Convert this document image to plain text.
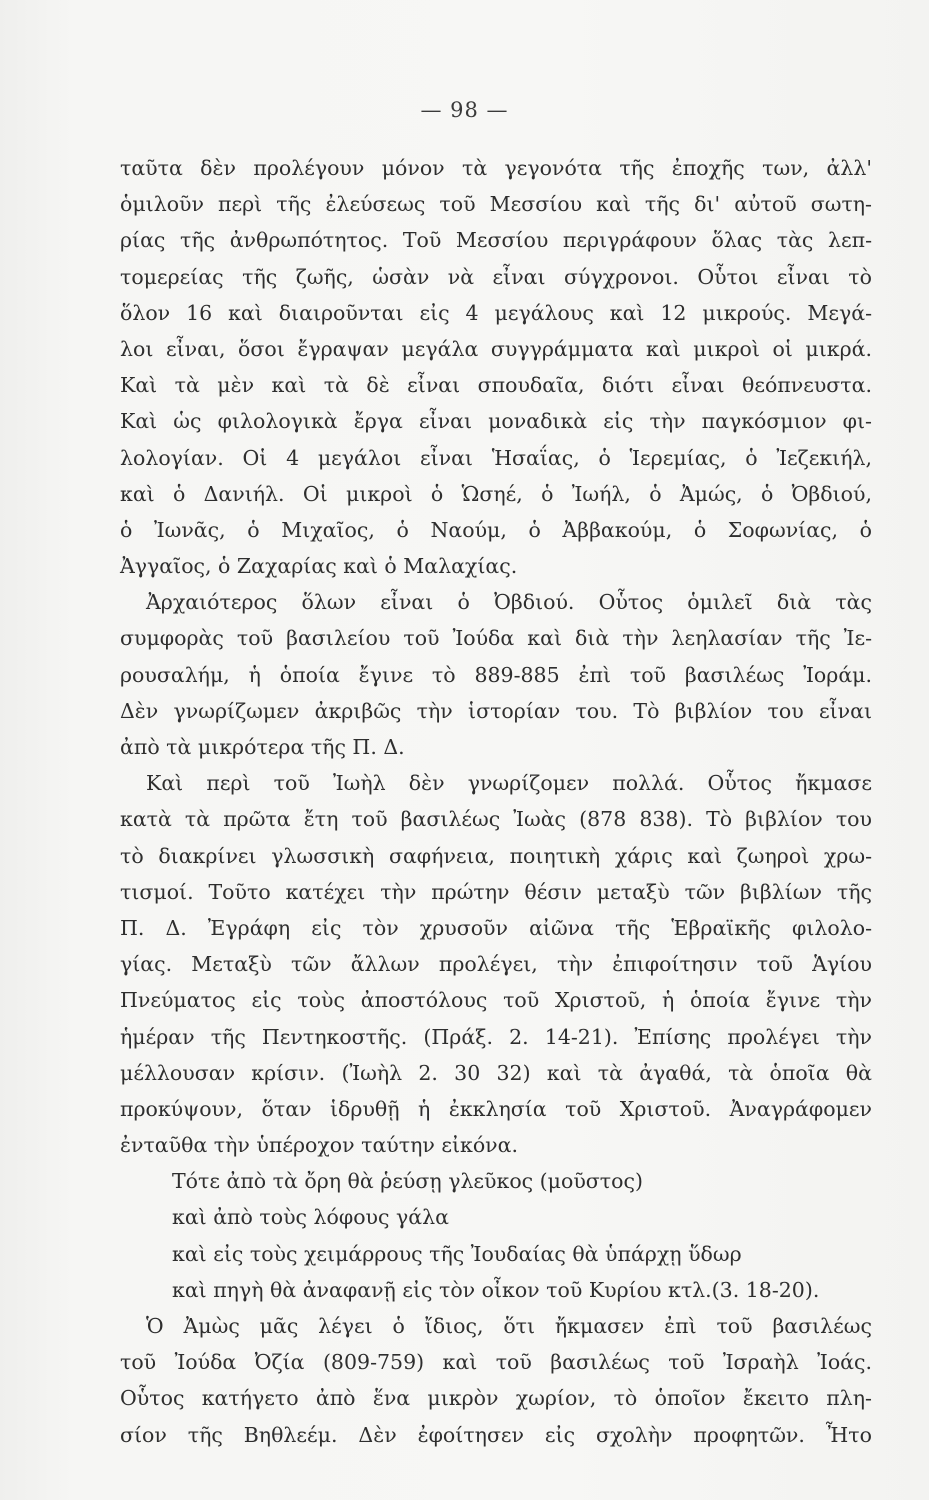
— 98 —
ταῦτα δὲν προλέγουν μόνον τὰ γεγονότα τῆς ἐποχῆς των, ἀλλ'
ὁμιλοῦν περὶ τῆς ἐλεύσεως τοῦ Μεσσίου καὶ τῆς δι' αὐτοῦ σωτη-
ρίας τῆς ἀνθρωπότητος. Τοῦ Μεσσίου περιγράφουν ὅλας τὰς λεπ-
τομερείας τῆς ζωῆς, ὡσὰν νὰ εἶναι σύγχρονοι. Οὗτοι εἶναι τὸ
ὅλον 16 καὶ διαιροῦνται εἰς 4 μεγάλους καὶ 12 μικρούς. Μεγά-
λοι εἶναι, ὅσοι ἔγραψαν μεγάλα συγγράμματα καὶ μικροὶ οἱ μικρά.
Καὶ τὰ μὲν καὶ τὰ δὲ εἶναι σπουδαῖα, διότι εἶναι θεόπνευστα.
Καὶ ὡς φιλολογικὰ ἔργα εἶναι μοναδικὰ εἰς τὴν παγκόσμιον φι-
λολογίαν. Οἱ 4 μεγάλοι εἶναι Ἡσαΐας, ὁ Ἱερεμίας, ὁ Ἰεζεκιήλ,
καὶ ὁ Δανιήλ. Οἱ μικροὶ ὁ Ὡσηέ, ὁ Ἰωήλ, ὁ Ἀμώς, ὁ Ὀβδιού,
ὁ Ἰωνᾶς, ὁ Μιχαῖος, ὁ Ναούμ, ὁ Ἀββακούμ, ὁ Σοφωνίας, ὁ
Ἀγγαῖος, ὁ Ζαχαρίας καὶ ὁ Μαλαχίας.
Ἀρχαιότερος ὅλων εἶναι ὁ Ὀβδιού. Οὗτος ὁμιλεῖ διὰ τὰς
συμφορὰς τοῦ βασιλείου τοῦ Ἰούδα καὶ διὰ τὴν λεηλασίαν τῆς Ἰε-
ρουσαλήμ, ἡ ὁποία ἔγινε τὸ 889-885 ἐπὶ τοῦ βασιλέως Ἰοράμ.
Δὲν γνωρίζωμεν ἀκριβῶς τὴν ἱστορίαν του. Τὸ βιβλίον του εἶναι
ἀπὸ τὰ μικρότερα τῆς Π. Δ.
Καὶ περὶ τοῦ Ἰωὴλ δὲν γνωρίζομεν πολλά. Οὗτος ἤκμασε
κατὰ τὰ πρῶτα ἔτη τοῦ βασιλέως Ἰωὰς (878 838). Τὸ βιβλίον του
τὸ διακρίνει γλωσσικὴ σαφήνεια, ποιητικὴ χάρις καὶ ζωηροὶ χρω-
τισμοί. Τοῦτο κατέχει τὴν πρώτην θέσιν μεταξὺ τῶν βιβλίων τῆς
Π. Δ. Ἐγράφη εἰς τὸν χρυσοῦν αἰῶνα τῆς Ἑβραϊκῆς φιλολο-
γίας. Μεταξὺ τῶν ἄλλων προλέγει, τὴν ἐπιφοίτησιν τοῦ Ἁγίου
Πνεύματος εἰς τοὺς ἀποστόλους τοῦ Χριστοῦ, ἡ ὁποία ἔγινε τὴν
ἡμέραν τῆς Πεντηκοστῆς. (Πράξ. 2. 14-21). Ἐπίσης προλέγει τὴν
μέλλουσαν κρίσιν. (Ἰωὴλ 2. 30 32) καὶ τὰ ἀγαθά, τὰ ὁποῖα θὰ
προκύψουν, ὅταν ἱδρυθῇ ἡ ἐκκλησία τοῦ Χριστοῦ. Ἀναγράφομεν
ἐνταῦθα τὴν ὑπέροχον ταύτην εἰκόνα.
Τότε ἀπὸ τὰ ὄρη θὰ ῥεύσῃ γλεῦκος (μοῦστος)
καὶ ἀπὸ τοὺς λόφους γάλα
καὶ εἰς τοὺς χειμάρρους τῆς Ἰουδαίας θὰ ὑπάρχῃ ὕδωρ
καὶ πηγὴ θὰ ἀναφανῇ εἰς τὸν οἶκον τοῦ Κυρίου κτλ.(3. 18-20).
Ὁ Ἀμὼς μᾶς λέγει ὁ ἴδιος, ὅτι ἤκμασεν ἐπὶ τοῦ βασιλέως
τοῦ Ἰούδα Ὀζία (809-759) καὶ τοῦ βασιλέως τοῦ Ἰσραὴλ Ἰοάς.
Οὗτος κατήγετο ἀπὸ ἕνα μικρὸν χωρίον, τὸ ὁποῖον ἔκειτο πλη-
σίον τῆς Βηθλεέμ. Δὲν ἐφοίτησεν εἰς σχολὴν προφητῶν. Ἦτο
